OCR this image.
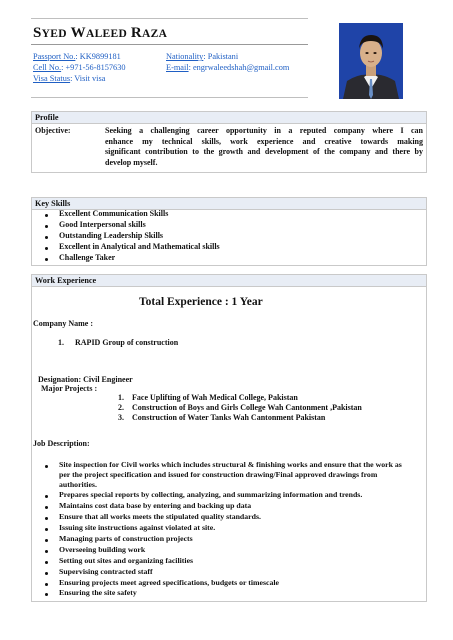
SYED WALEED RAZA
Passport No.: KK9899181
Cell No.: +971-56-8157630
Visa Status: Visit visa
Nationality: Pakistani
E-mail: engrwaleedshah@gmail.com
Profile
Objective:	Seeking a challenging career opportunity in a reputed company where I can
enhance my technical skills, work experience and creative towards making
significant contribution to the growth and development of the company and there by
develop myself.
Key Skills
Excellent Communication Skills
Good Interpersonal skills
Outstanding Leadership Skills
Excellent in Analytical and Mathematical skills
Challenge Taker
Work Experience
Total Experience : 1 Year
Company Name :
1. RAPID Group of construction
Designation: Civil Engineer
Major Projects :
1. Face Uplifting of Wah Medical College, Pakistan
2. Construction of Boys and Girls College Wah Cantonment ,Pakistan
3. Construction of Water Tanks Wah Cantonment Pakistan
Job Description:
Site inspection for Civil works which includes structural & finishing works and ensure that the work as
per the project specification and issued for construction drawing/Final approved drawings from
authorities.
Prepares special reports by collecting, analyzing, and summarizing information and trends.
Maintains cost data base by entering and backing up data
Ensure that all works meets the stipulated quality standards.
Issuing site instructions against violated at site.
Managing parts of construction projects
Overseeing building work
Setting out sites and organizing facilities
Supervising contracted staff
Ensuring projects meet agreed specifications, budgets or timescale
Ensuring the site safety
